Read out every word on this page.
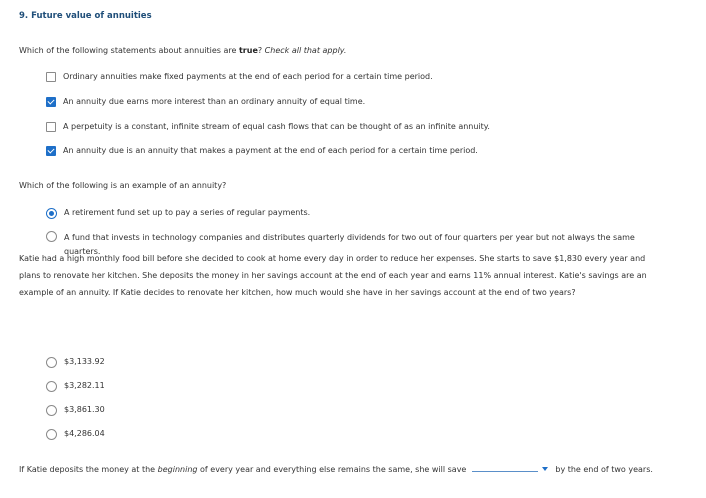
9. Future value of annuities
Which of the following statements about annuities are true? Check all that apply.
Ordinary annuities make fixed payments at the end of each period for a certain time period.
An annuity due earns more interest than an ordinary annuity of equal time.
A perpetuity is a constant, infinite stream of equal cash flows that can be thought of as an infinite annuity.
An annuity due is an annuity that makes a payment at the end of each period for a certain time period.
Which of the following is an example of an annuity?
A retirement fund set up to pay a series of regular payments.
A fund that invests in technology companies and distributes quarterly dividends for two out of four quarters per year but not always the same quarters.
Katie had a high monthly food bill before she decided to cook at home every day in order to reduce her expenses. She starts to save $1,830 every year and plans to renovate her kitchen. She deposits the money in her savings account at the end of each year and earns 11% annual interest. Katie's savings are an example of an annuity. If Katie decides to renovate her kitchen, how much would she have in her savings account at the end of two years?
$3,133.92
$3,282.11
$3,861.30
$4,286.04
If Katie deposits the money at the beginning of every year and everything else remains the same, she will save	by the end of two years.
